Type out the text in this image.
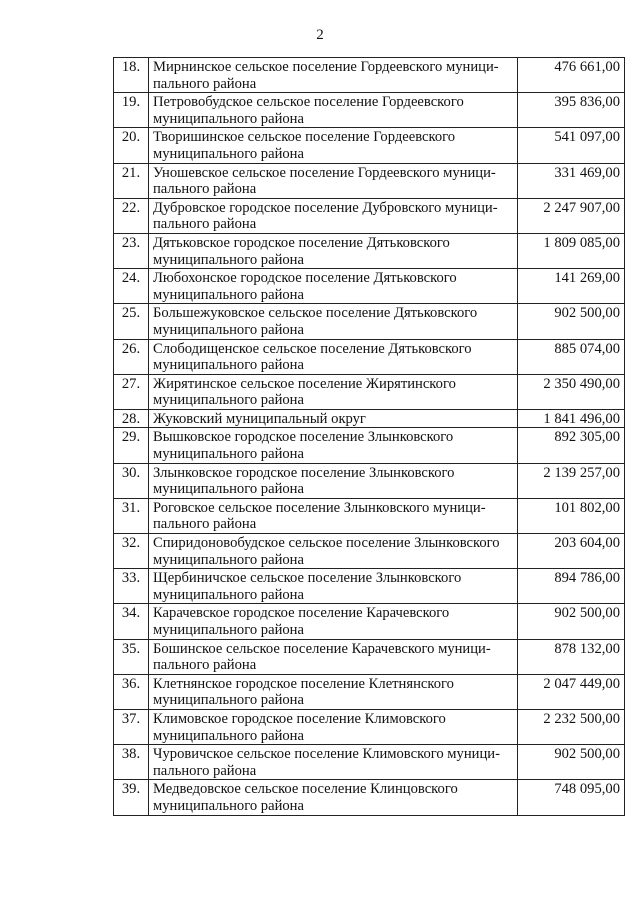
2
18.	Мирнинское сельское поселение Гордеевского муниципального района	476 661,00
19.	Петровобудское сельское поселение Гордеевского муниципального района	395 836,00
20.	Творишинское сельское поселение Гордеевского муниципального района	541 097,00
21.	Уношевское сельское поселение Гордеевского муниципального района	331 469,00
22.	Дубровское городское поселение Дубровского муниципального района	2 247 907,00
23.	Дятьковское городское поселение Дятьковского муниципального района	1 809 085,00
24.	Любохонское городское поселение Дятьковского муниципального района	141 269,00
25.	Большежуковское сельское поселение Дятьковского муниципального района	902 500,00
26.	Слободищенское сельское поселение Дятьковского муниципального района	885 074,00
27.	Жирятинское сельское поселение Жирятинского муниципального района	2 350 490,00
28.	Жуковский муниципальный округ	1 841 496,00
29.	Вышковское городское поселение Злынковского муниципального района	892 305,00
30.	Злынковское городское поселение Злынковского муниципального района	2 139 257,00
31.	Роговское сельское поселение Злынковского муниципального района	101 802,00
32.	Спиридоновобудское сельское поселение Злынковского муниципального района	203 604,00
33.	Щербиничское сельское поселение Злынковского муниципального района	894 786,00
34.	Карачевское городское поселение Карачевского муниципального района	902 500,00
35.	Бошинское сельское поселение Карачевского муниципального района	878 132,00
36.	Клетнянское городское поселение Клетнянского муниципального района	2 047 449,00
37.	Климовское городское поселение Климовского муниципального района	2 232 500,00
38.	Чуровичское сельское поселение Климовского муниципального района	902 500,00
39.	Медведовское сельское поселение Клинцовского муниципального района	748 095,00
